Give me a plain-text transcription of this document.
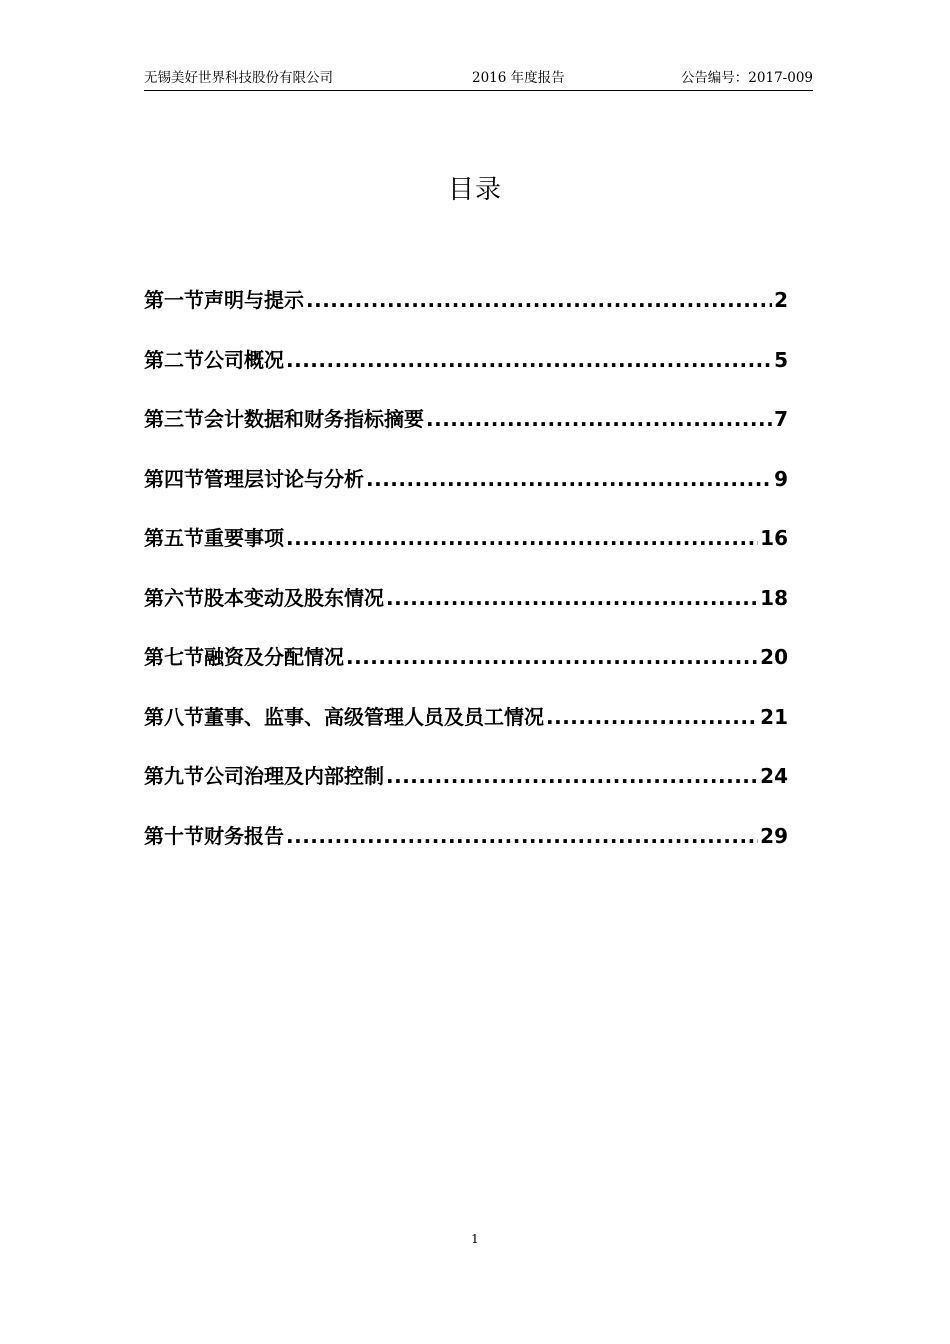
无锡美好世界科技股份有限公司	2016 年度报告	公告编号：2017-009
目录
第一节声明与提示 .....	2
第二节公司概况 .....	5
第三节会计数据和财务指标摘要 .....	7
第四节管理层讨论与分析 .....	9
第五节重要事项 .....	16
第六节股本变动及股东情况 .....	18
第七节融资及分配情况 .....	20
第八节董事、监事、高级管理人员及员工情况 .....	21
第九节公司治理及内部控制 .....	24
第十节财务报告 .....	29
1
